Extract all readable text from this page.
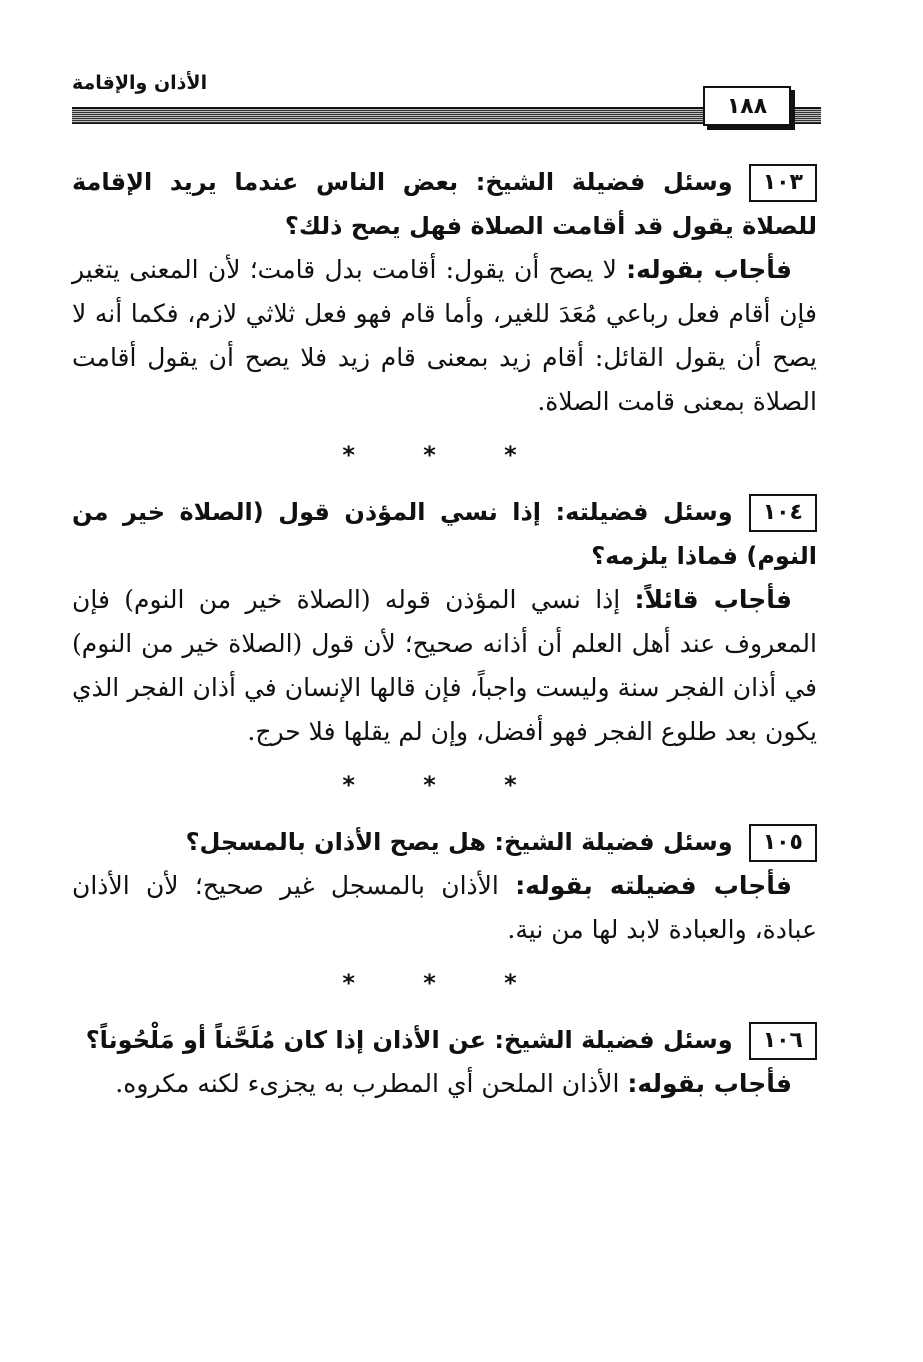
الأذان والإقامة
١٨٨

١٠٣وسئل فضيلة الشيخ: بعض الناس عندما يريد الإقامة للصلاة يقول قد أقامت الصلاة فهل يصح ذلك؟

 فأجاب بقوله: لا يصح أن يقول: أقامت بدل قامت؛ لأن المعنى يتغير فإن أقام فعل رباعي مُعَدَ للغير، وأما قام فهو فعل ثلاثي لازم، فكما أنه لا يصح أن يقول القائل: أقام زيد بمعنى قام زيد فلا يصح أن يقول أقامت الصلاة بمعنى قامت الصلاة.

* * *

١٠٤وسئل فضيلته: إذا نسي المؤذن قول (الصلاة خير من النوم) فماذا يلزمه؟

 فأجاب قائلاً: إذا نسي المؤذن قوله (الصلاة خير من النوم) فإن المعروف عند أهل العلم أن أذانه صحيح؛ لأن قول (الصلاة خير من النوم) في أذان الفجر سنة وليست واجباً، فإن قالها الإنسان في أذان الفجر الذي يكون بعد طلوع الفجر فهو أفضل، وإن لم يقلها فلا حرج.

* * *

١٠٥وسئل فضيلة الشيخ: هل يصح الأذان بالمسجل؟

 فأجاب فضيلته بقوله: الأذان بالمسجل غير صحيح؛ لأن الأذان عبادة، والعبادة لابد لها من نية.

* * *

١٠٦وسئل فضيلة الشيخ: عن الأذان إذا كان مُلَحَّناً أو مَلْحُوناً؟

 فأجاب بقوله: الأذان الملحن أي المطرب به يجزىء لكنه مكروه.
